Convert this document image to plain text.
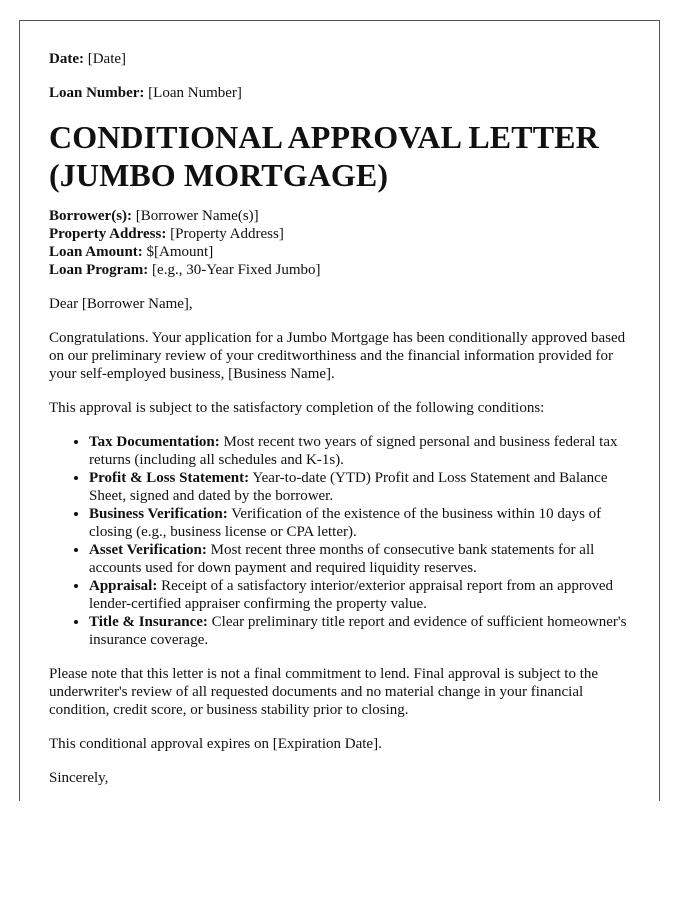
Date: [Date]

Loan Number: [Loan Number]

CONDITIONAL APPROVAL LETTER
(JUMBO MORTGAGE)

Borrower(s): [Borrower Name(s)]

Property Address: [Property Address]

Loan Amount: $[Amount]

Loan Program: [e.g., 30-Year Fixed Jumbo]

Dear [Borrower Name],

Congratulations. Your application for a Jumbo Mortgage has been conditionally approved based on our preliminary review of your creditworthiness and the financial information provided for your self-employed business, [Business Name].

This approval is subject to the satisfactory completion of the following conditions:

• Tax Documentation: Most recent two years of signed personal and business federal tax returns (including all schedules and K-1s).
• Profit & Loss Statement: Year-to-date (YTD) Profit and Loss Statement and Balance Sheet, signed and dated by the borrower.
• Business Verification: Verification of the existence of the business within 10 days of closing (e.g., business license or CPA letter).
• Asset Verification: Most recent three months of consecutive bank statements for all accounts used for down payment and required liquidity reserves.
• Appraisal: Receipt of a satisfactory interior/exterior appraisal report from an approved lender-certified appraiser confirming the property value.
• Title & Insurance: Clear preliminary title report and evidence of sufficient homeowner's insurance coverage.

Please note that this letter is not a final commitment to lend. Final approval is subject to the underwriter's review of all requested documents and no material change in your financial condition, credit score, or business stability prior to closing.

This conditional approval expires on [Expiration Date].

Sincerely,
